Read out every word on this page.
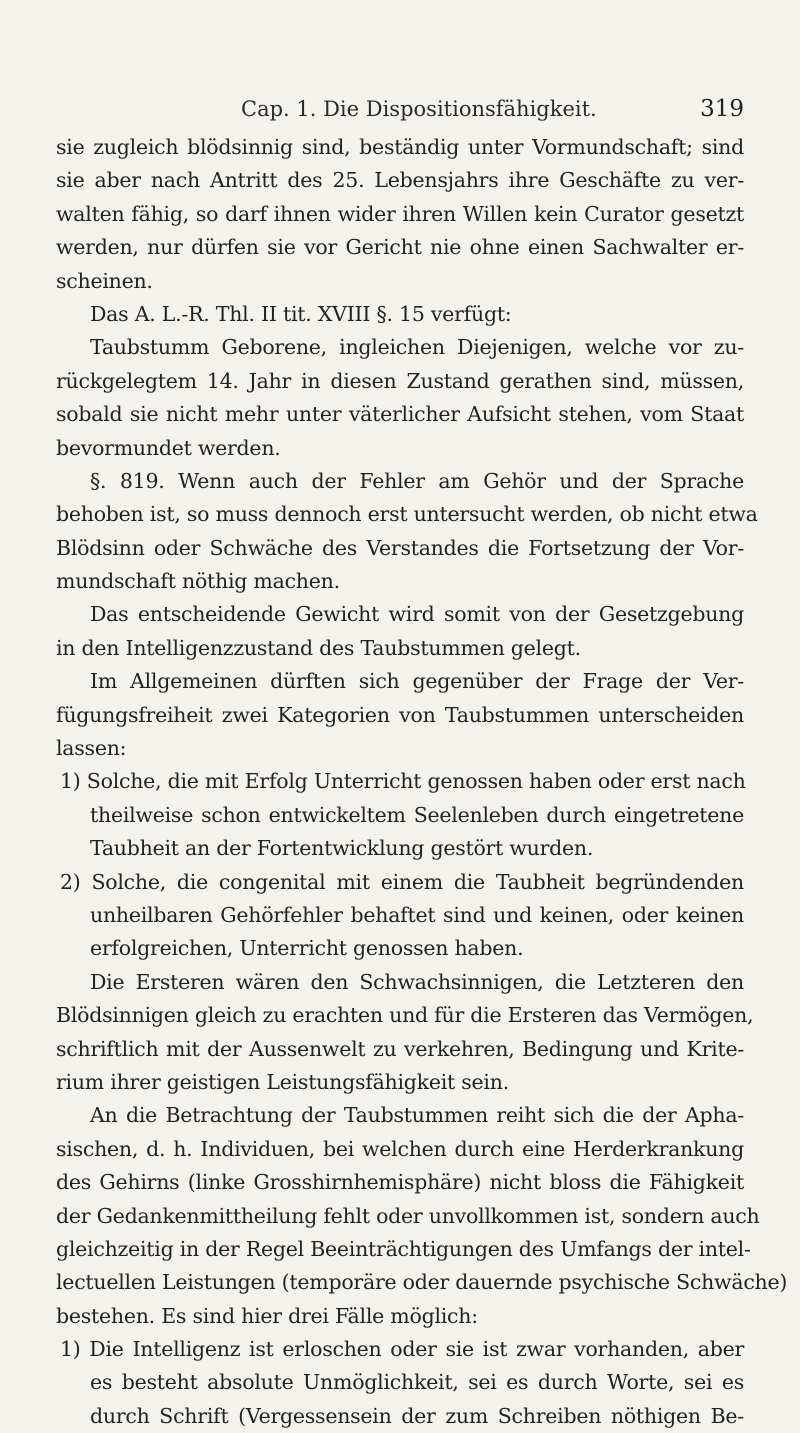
Cap. 1. Die Dispositionsfähigkeit.	319
sie zugleich blödsinnig sind, beständig unter Vormundschaft; sind
sie aber nach Antritt des 25. Lebensjahrs ihre Geschäfte zu ver-
walten fähig, so darf ihnen wider ihren Willen kein Curator gesetzt
werden, nur dürfen sie vor Gericht nie ohne einen Sachwalter er-
scheinen.
Das A. L.-R. Thl. II tit. XVIII §. 15 verfügt:
Taubstumm Geborene, ingleichen Diejenigen, welche vor zu-
rückgelegtem 14. Jahr in diesen Zustand gerathen sind, müssen,
sobald sie nicht mehr unter väterlicher Aufsicht stehen, vom Staat
bevormundet werden.
§. 819. Wenn auch der Fehler am Gehör und der Sprache
behoben ist, so muss dennoch erst untersucht werden, ob nicht etwa
Blödsinn oder Schwäche des Verstandes die Fortsetzung der Vor-
mundschaft nöthig machen.
Das entscheidende Gewicht wird somit von der Gesetzgebung
in den Intelligenzzustand des Taubstummen gelegt.
Im Allgemeinen dürften sich gegenüber der Frage der Ver-
fügungsfreiheit zwei Kategorien von Taubstummen unterscheiden
lassen:
1) Solche, die mit Erfolg Unterricht genossen haben oder erst nach
theilweise schon entwickeltem Seelenleben durch eingetretene
Taubheit an der Fortentwicklung gestört wurden.
2) Solche, die congenital mit einem die Taubheit begründenden
unheilbaren Gehörfehler behaftet sind und keinen, oder keinen
erfolgreichen, Unterricht genossen haben.
Die Ersteren wären den Schwachsinnigen, die Letzteren den
Blödsinnigen gleich zu erachten und für die Ersteren das Vermögen,
schriftlich mit der Aussenwelt zu verkehren, Bedingung und Krite-
rium ihrer geistigen Leistungsfähigkeit sein.
An die Betrachtung der Taubstummen reiht sich die der Apha-
sischen, d. h. Individuen, bei welchen durch eine Herderkrankung
des Gehirns (linke Grosshirnhemisphäre) nicht bloss die Fähigkeit
der Gedankenmittheilung fehlt oder unvollkommen ist, sondern auch
gleichzeitig in der Regel Beeinträchtigungen des Umfangs der intel-
lectuellen Leistungen (temporäre oder dauernde psychische Schwäche)
bestehen. Es sind hier drei Fälle möglich:
1) Die Intelligenz ist erloschen oder sie ist zwar vorhanden, aber
es besteht absolute Unmöglichkeit, sei es durch Worte, sei es
durch Schrift (Vergessensein der zum Schreiben nöthigen Be-
